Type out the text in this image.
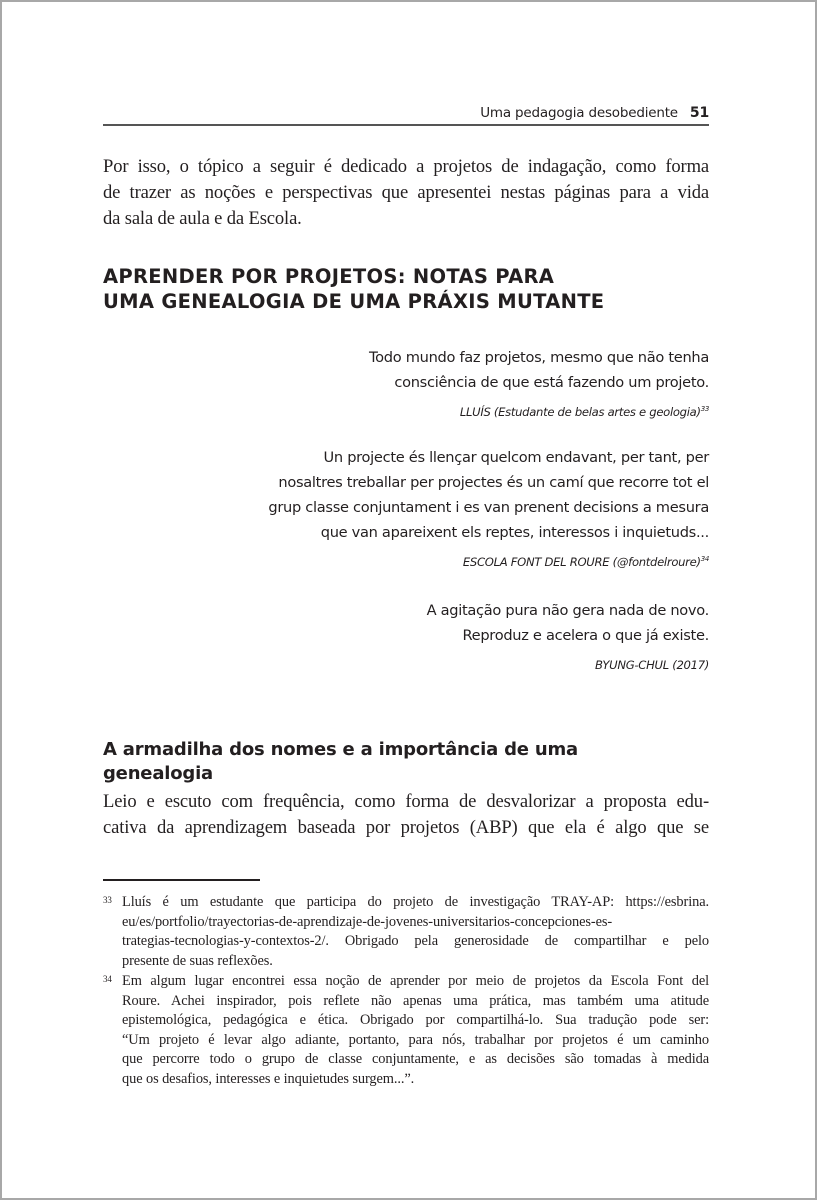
Uma pedagogia desobediente 51
Por isso, o tópico a seguir é dedicado a projetos de indagação, como forma
de trazer as noções e perspectivas que apresentei nestas páginas para a vida
da sala de aula e da Escola.
APRENDER POR PROJETOS: NOTAS PARA
UMA GENEALOGIA DE UMA PRÁXIS MUTANTE
Todo mundo faz projetos, mesmo que não tenha
consciência de que está fazendo um projeto.
LLUÍS (Estudante de belas artes e geologia)$^{33}$
Un projecte és llençar quelcom endavant, per tant, per
nosaltres treballar per projectes és un camí que recorre tot el
grup classe conjuntament i es van prenent decisions a mesura
que van apareixent els reptes, interessos i inquietuds...
ESCOLA FONT DEL ROURE (@fontdelroure)$^{34}$
A agitação pura não gera nada de novo.
Reproduz e acelera o que já existe.
BYUNG-CHUL (2017)
A armadilha dos nomes e a importância de uma
genealogia
Leio e escuto com frequência, como forma de desvalorizar a proposta edu-
cativa da aprendizagem baseada por projetos (ABP) que ela é algo que se
33 Lluís é um estudante que participa do projeto de investigação TRAY-AP: https://esbrina.
eu/es/portfolio/trayectorias-de-aprendizaje-de-jovenes-universitarios-concepciones-es-
trategias-tecnologias-y-contextos-2/. Obrigado pela generosidade de compartilhar e pelo
presente de suas reflexões.
34 Em algum lugar encontrei essa noção de aprender por meio de projetos da Escola Font del
Roure. Achei inspirador, pois reflete não apenas uma prática, mas também uma atitude
epistemológica, pedagógica e ética. Obrigado por compartilhá-lo. Sua tradução pode ser:
“Um projeto é levar algo adiante, portanto, para nós, trabalhar por projetos é um caminho
que percorre todo o grupo de classe conjuntamente, e as decisões são tomadas à medida
que os desafios, interesses e inquietudes surgem...”.
